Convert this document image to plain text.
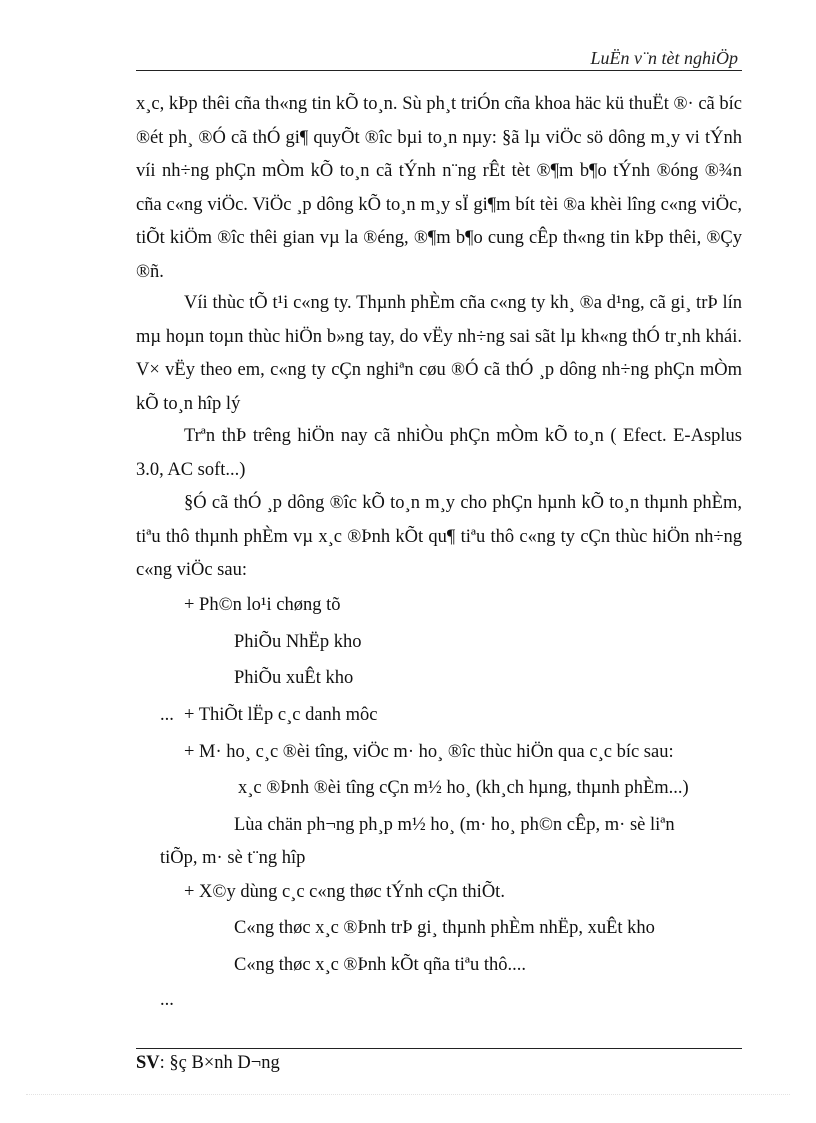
LuËn v¨n tèt nghiÖp

x¸c, kÞp thêi cña th«ng tin kÕ to¸n. Sù ph¸t triÓn cña khoa häc kü thuËt ®· cã bíc ®ét ph¸ ®Ó cã thÓ gi¶ quyÕt ®îc bµi to¸n nµy: §ã lµ viÖc sö dông m¸y vi tÝnh víi nh÷ng phÇn mÒm kÕ to¸n cã tÝnh n¨ng rÊt tèt ®¶m b¶o tÝnh ®óng ®¾n cña c«ng viÖc. ViÖc ¸p dông kÕ to¸n m¸y sÏ gi¶m bít tèi ®a khèi lîng c«ng viÖc, tiÕt kiÖm ®îc thêi gian vµ la ®éng, ®¶m b¶o cung cÊp th«ng tin kÞp thêi, ®Çy ®ñ.

Víi thùc tÕ t¹i c«ng ty. Thµnh phÈm cña c«ng ty kh¸ ®a d¹ng, cã gi¸ trÞ lín mµ hoµn toµn thùc hiÖn b»ng tay, do vËy nh÷ng sai sãt lµ kh«ng thÓ tr¸nh khái. V× vËy theo em, c«ng ty cÇn nghiªn cøu ®Ó cã thÓ ¸p dông nh÷ng phÇn mÒm kÕ to¸n hîp lý

Trªn thÞ trêng hiÖn nay cã nhiÒu phÇn mÒm kÕ to¸n ( Efect. E-Asplus 3.0, AC soft...)

§Ó cã thÓ ¸p dông ®îc kÕ to¸n m¸y cho phÇn hµnh kÕ to¸n thµnh phÈm, tiªu thô thµnh phÈm vµ x¸c ®Þnh kÕt qu¶ tiªu thô c«ng ty cÇn thùc hiÖn nh÷ng c«ng viÖc sau:

+ Ph©n lo¹i chøng tõ
PhiÕu NhËp kho
PhiÕu xuÊt kho
... + ThiÕt lËp c¸c danh môc
+ M· ho¸ c¸c ®èi tîng, viÖc m· ho¸ ®îc thùc hiÖn qua c¸c bíc sau:
x¸c ®Þnh ®èi tîng cÇn m½ ho¸ (kh¸ch hµng, thµnh phÈm...)
Lùa chän ph¬ng ph¸p m½ ho¸ (m· ho¸ ph©n cÊp, m· sè liªn
tiÕp, m· sè t¨ng hîp
+ X©y dùng c¸c c«ng thøc tÝnh cÇn thiÕt.
C«ng thøc x¸c ®Þnh trÞ gi¸ thµnh phÈm nhËp, xuÊt kho
C«ng thøc x¸c ®Þnh kÕt qña tiªu thô....
...
SV: §ç B×nh D¬ng
